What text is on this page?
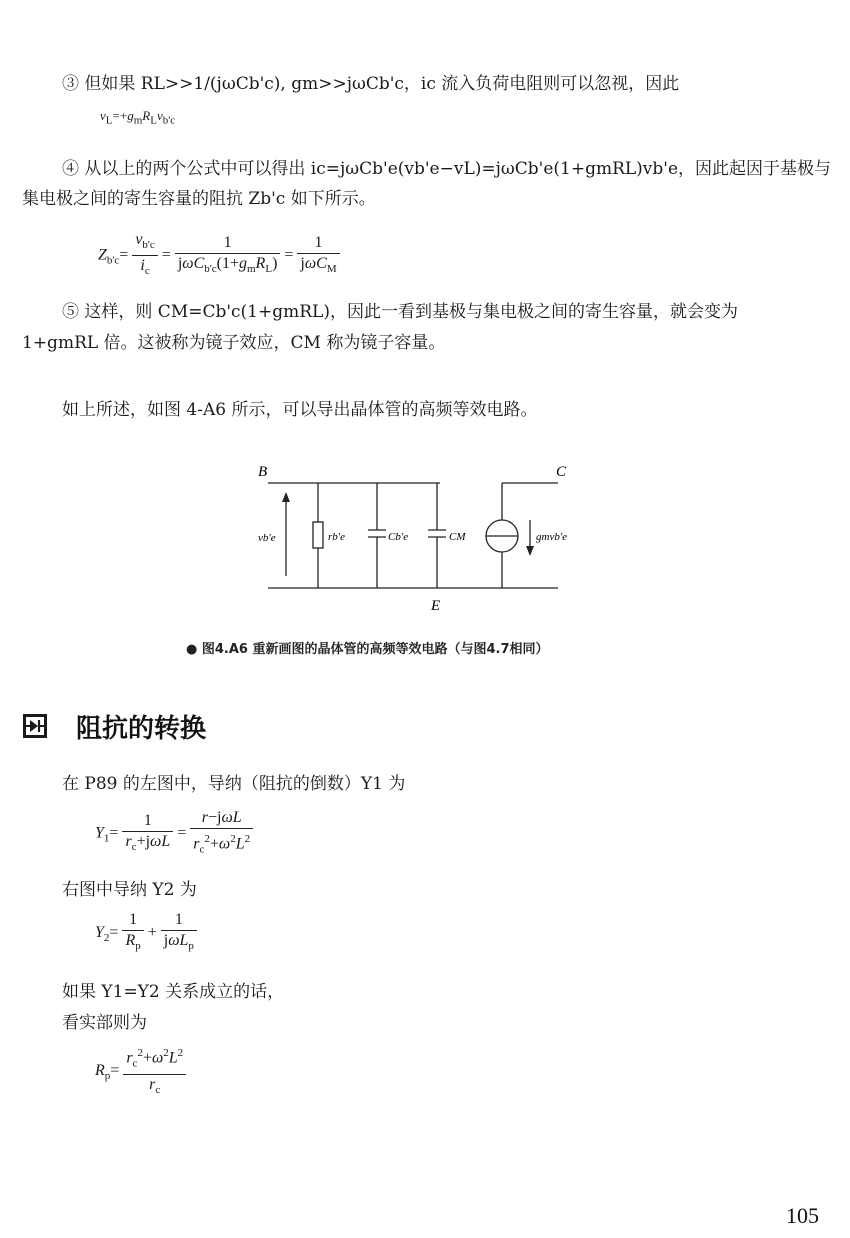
③ 但如果 RL>>1/(jωCb'c), gm>>jωCb'c，ic 流入负荷电阻则可以忽视，因此
$v_L=+g_mR_Lv_{b'c}$
④ 从以上的两个公式中可以得出 ic=jωCb'e(vb'e−vL)=jωCb'e(1+gmRL)vb'e，因此起因于基极与
集电极之间的寄生容量的阻抗 Zb'c 如下所示。
$Z_{b'c}= \frac{v_{b'c}}{i_c} = \frac{1}{j\omega C_{b'c}(1+g_mR_L)} = \frac{1}{j\omega C_M}$
⑤ 这样，则 CM=Cb'c(1+gmRL)，因此一看到基极与集电极之间的寄生容量，就会变为
1+gmRL 倍。这被称为镜子效应，CM 称为镜子容量。
如上所述，如图 4-A6 所示，可以导出晶体管的高频等效电路。
B	C
E
vb'e	rb'e	Cb'e	CM	gmvb'e
● 图4.A6 重新画图的晶体管的高频等效电路（与图4.7相同）
阻抗的转换
在 P89 的左图中，导纳（阻抗的倒数）Y1 为
$Y_1= \frac{1}{r_c+j\omega L} = \frac{\text{r−jωL}}{r_c^2+\omega^2L^2}$
右图中导纳 Y2 为
$Y_2= \frac{1}{R_p} + \frac{1}{j\omega L_p}$
如果 Y1=Y2 关系成立的话，
看实部则为
$R_p= \frac{r_c^2+\omega^2L^2}{r_c}$
105
